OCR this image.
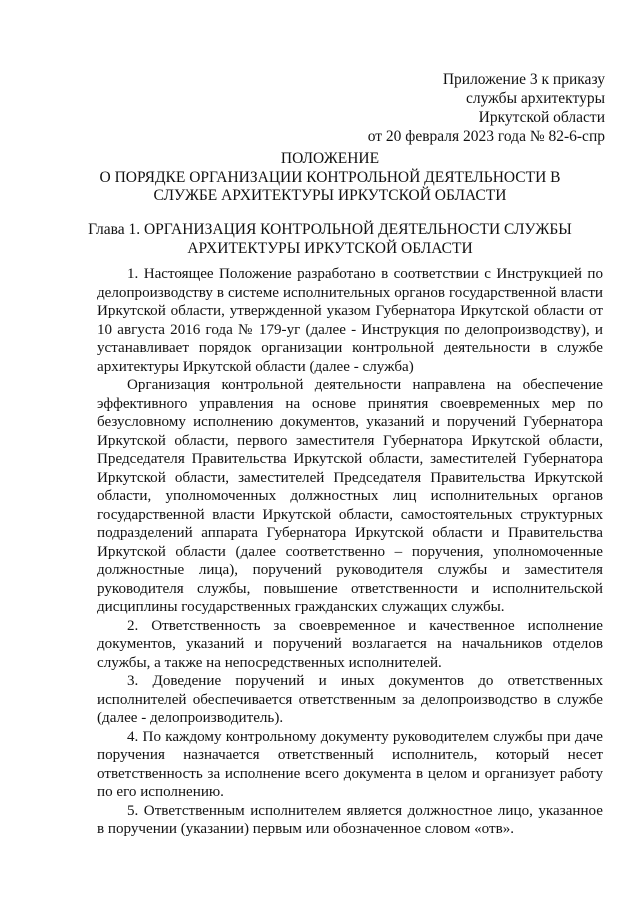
Приложение 3 к приказу
службы архитектуры
Иркутской области
от 20 февраля 2023 года № 82-6-спр
ПОЛОЖЕНИЕ
О ПОРЯДКЕ ОРГАНИЗАЦИИ КОНТРОЛЬНОЙ ДЕЯТЕЛЬНОСТИ В
СЛУЖБЕ АРХИТЕКТУРЫ ИРКУТСКОЙ ОБЛАСТИ
Глава 1. ОРГАНИЗАЦИЯ КОНТРОЛЬНОЙ ДЕЯТЕЛЬНОСТИ СЛУЖБЫ
АРХИТЕКТУРЫ ИРКУТСКОЙ ОБЛАСТИ

1. Настоящее Положение разработано в соответствии с Инструкцией по делопроизводству в системе исполнительных органов государственной власти Иркутской области, утвержденной указом Губернатора Иркутской области от 10 августа 2016 года № 179-уг (далее - Инструкция по делопроизводству), и устанавливает порядок организации контрольной деятельности в службе архитектуры Иркутской области (далее - служба)

Организация контрольной деятельности направлена на обеспечение эффективного управления на основе принятия своевременных мер по безусловному исполнению документов, указаний и поручений Губернатора Иркутской области, первого заместителя Губернатора Иркутской области, Председателя Правительства Иркутской области, заместителей Губернатора Иркутской области, заместителей Председателя Правительства Иркутской области, уполномоченных должностных лиц исполнительных органов государственной власти Иркутской области, самостоятельных структурных подразделений аппарата Губернатора Иркутской области и Правительства Иркутской области (далее соответственно – поручения, уполномоченные должностные лица), поручений руководителя службы и заместителя руководителя службы, повышение ответственности и исполнительской дисциплины государственных гражданских служащих службы.

2. Ответственность за своевременное и качественное исполнение документов, указаний и поручений возлагается на начальников отделов службы, а также на непосредственных исполнителей.

3. Доведение поручений и иных документов до ответственных исполнителей обеспечивается ответственным за делопроизводство в службе (далее - делопроизводитель).

4. По каждому контрольному документу руководителем службы при даче поручения назначается ответственный исполнитель, который несет ответственность за исполнение всего документа в целом и организует работу по его исполнению.

5. Ответственным исполнителем является должностное лицо, указанное в поручении (указании) первым или обозначенное словом «отв».
